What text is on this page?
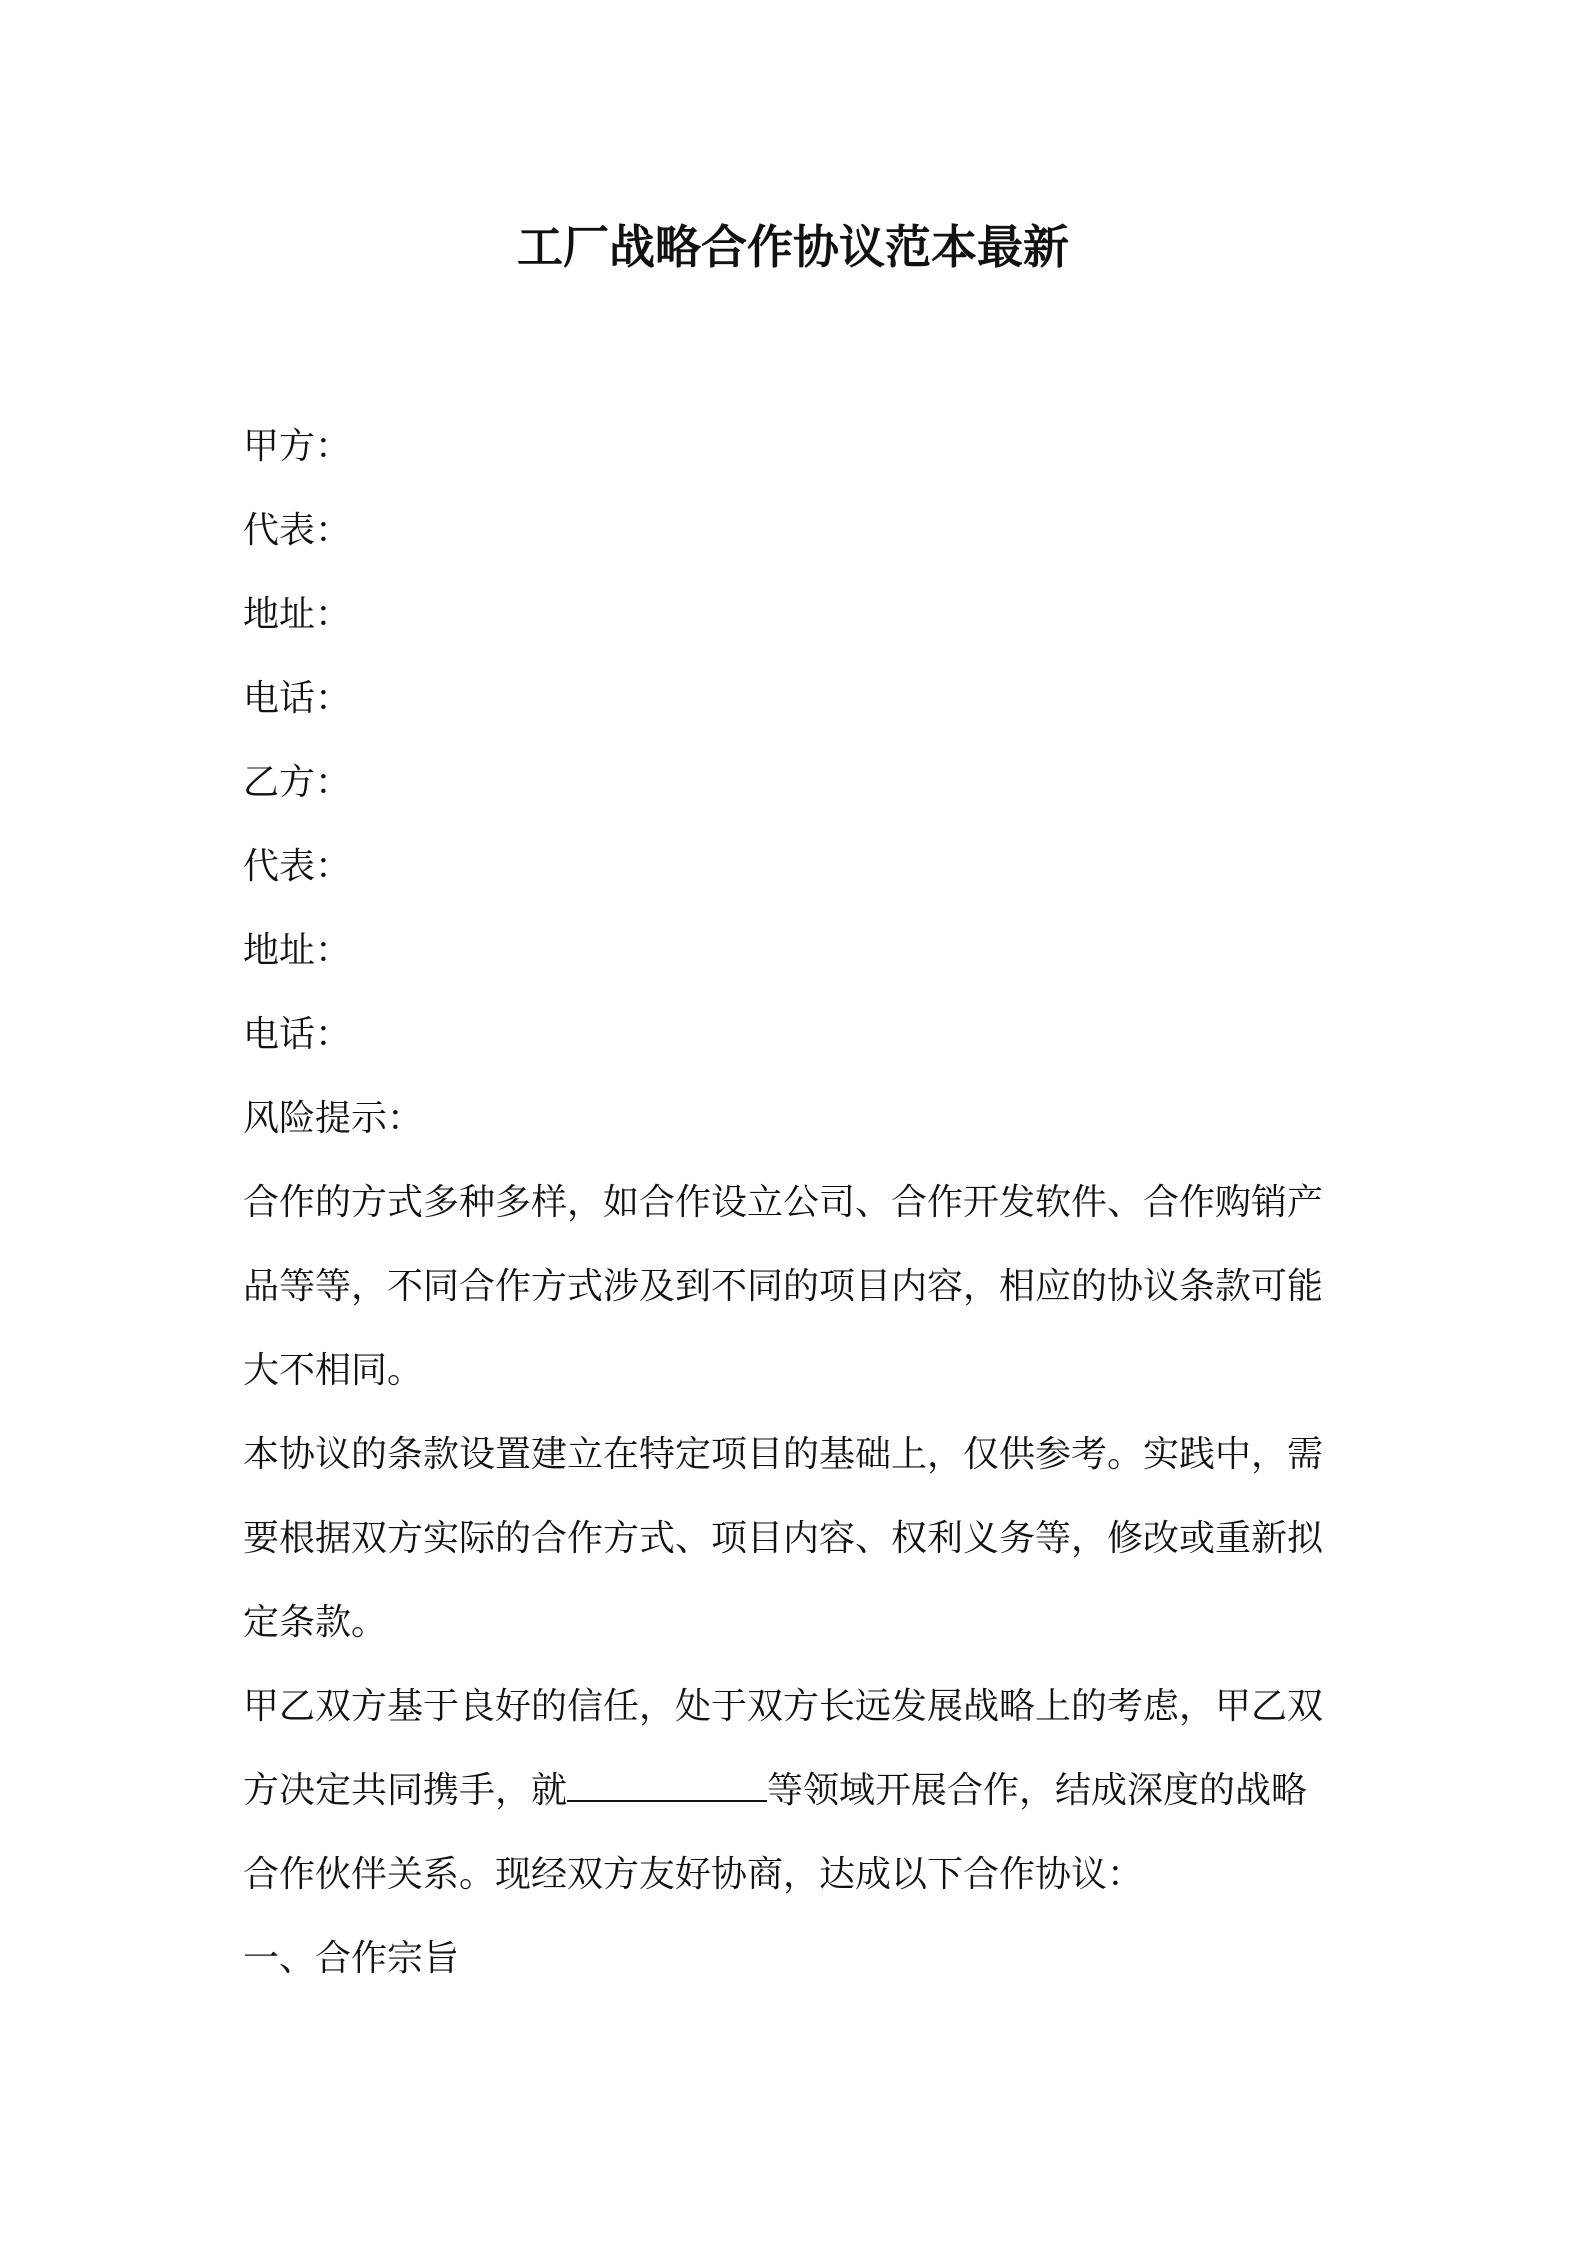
工厂战略合作协议范本最新
甲方：
代表：
地址：
电话：
乙方：
代表：
地址：
电话：
风险提示：
合作的方式多种多样，如合作设立公司、合作开发软件、合作购销产
品等等，不同合作方式涉及到不同的项目内容，相应的协议条款可能
大不相同。
本协议的条款设置建立在特定项目的基础上，仅供参考。实践中，需
要根据双方实际的合作方式、项目内容、权利义务等，修改或重新拟
定条款。
甲乙双方基于良好的信任，处于双方长远发展战略上的考虑，甲乙双
方决定共同携手，就	等领域开展合作，结成深度的战略
合作伙伴关系。现经双方友好协商，达成以下合作协议：
一、合作宗旨
